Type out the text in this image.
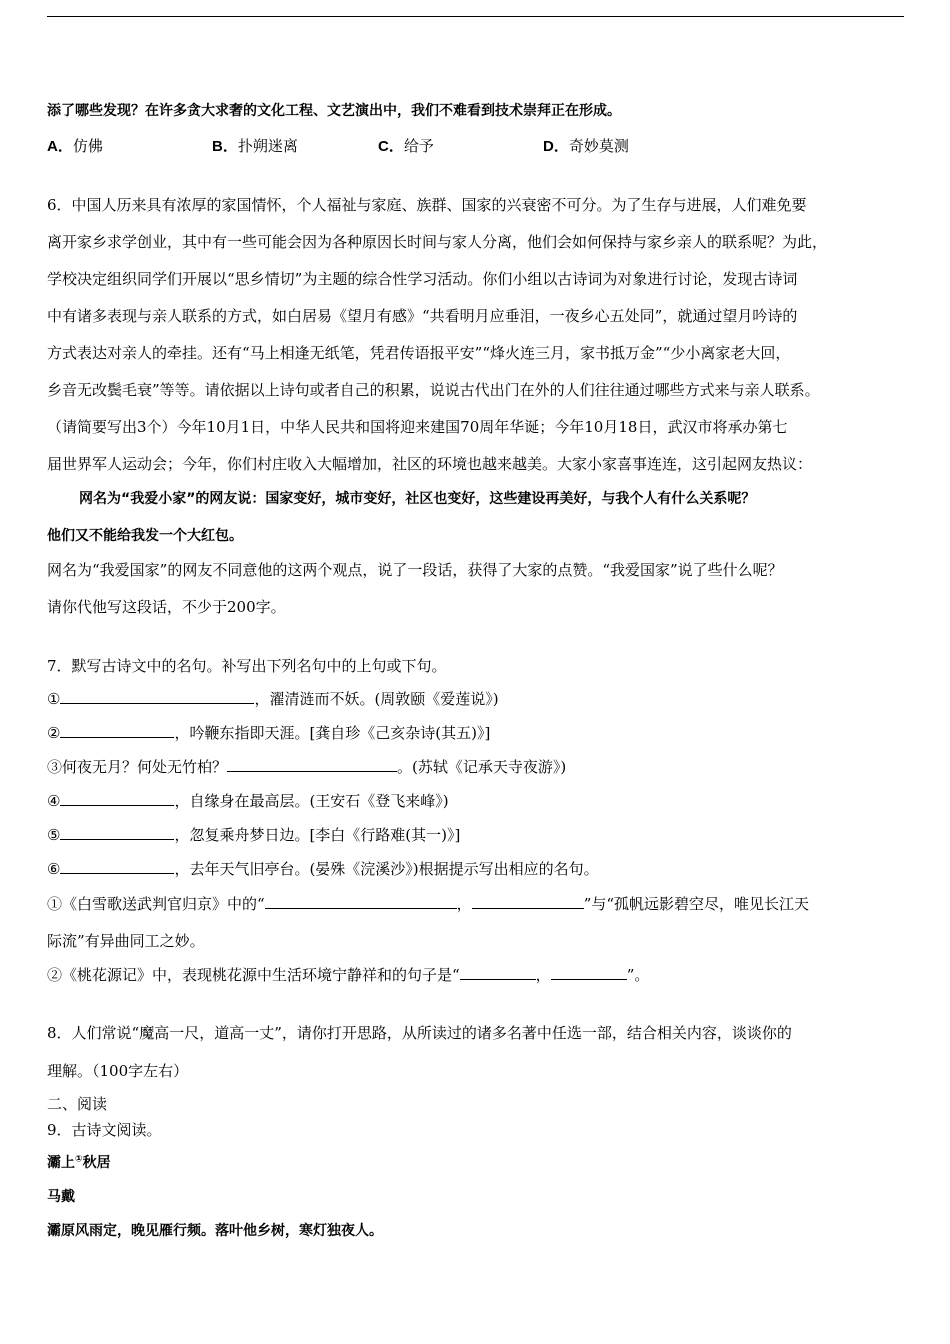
添了哪些发现？在许多贪大求奢的文化工程、文艺演出中，我们不难看到技术崇拜正在形成。
A．仿佛	B．扑朔迷离	C．给予	D．奇妙莫测
6．中国人历来具有浓厚的家国情怀，个人福祉与家庭、族群、国家的兴衰密不可分。为了生存与进展，人们难免要
离开家乡求学创业，其中有一些可能会因为各种原因长时间与家人分离，他们会如何保持与家乡亲人的联系呢？为此，
学校决定组织同学们开展以“思乡情切”为主题的综合性学习活动。你们小组以古诗词为对象进行讨论，发现古诗词
中有诸多表现与亲人联系的方式，如白居易《望月有感》“共看明月应垂泪，一夜乡心五处同”，就通过望月吟诗的
方式表达对亲人的牵挂。还有“马上相逢无纸笔，凭君传语报平安”“烽火连三月，家书抵万金”“少小离家老大回，
乡音无改鬓毛衰”等等。请依据以上诗句或者自己的积累，说说古代出门在外的人们往往通过哪些方式来与亲人联系。
（请简要写出3个）今年10月1日，中华人民共和国将迎来建国70周年华诞；今年10月18日，武汉市将承办第七
届世界军人运动会；今年，你们村庄收入大幅增加，社区的环境也越来越美。大家小家喜事连连，这引起网友热议：
网名为“我爱小家”的网友说：国家变好，城市变好，社区也变好，这些建设再美好，与我个人有什么关系呢？
他们又不能给我发一个大红包。
网名为“我爱国家”的网友不同意他的这两个观点，说了一段话，获得了大家的点赞。“我爱国家”说了些什么呢？
请你代他写这段话，不少于200字。
7．默写古诗文中的名句。补写出下列名句中的上句或下句。
①	，濯清涟而不妖。(周敦颐《爱莲说》)
②	，吟鞭东指即天涯。[龚自珍《己亥杂诗(其五)》]
③何夜无月？何处无竹柏？	。(苏轼《记承天寺夜游》)
④	，自缘身在最高层。(王安石《登飞来峰》)
⑤	，忽复乘舟梦日边。[李白《行路难(其一)》]
⑥	，去年天气旧亭台。(晏殊《浣溪沙》)根据提示写出相应的名句。
①《白雪歌送武判官归京》中的“	，	”与“孤帆远影碧空尽，唯见长江天
际流”有异曲同工之妙。
②《桃花源记》中，表现桃花源中生活环境宁静祥和的句子是“	，	”。
8．人们常说“魔高一尺，道高一丈”，请你打开思路，从所读过的诸多名著中任选一部，结合相关内容，谈谈你的
理解。（100字左右）
二、阅读
9．古诗文阅读。
灞上①秋居
马戴
灞原风雨定，晚见雁行频。落叶他乡树，寒灯独夜人。
